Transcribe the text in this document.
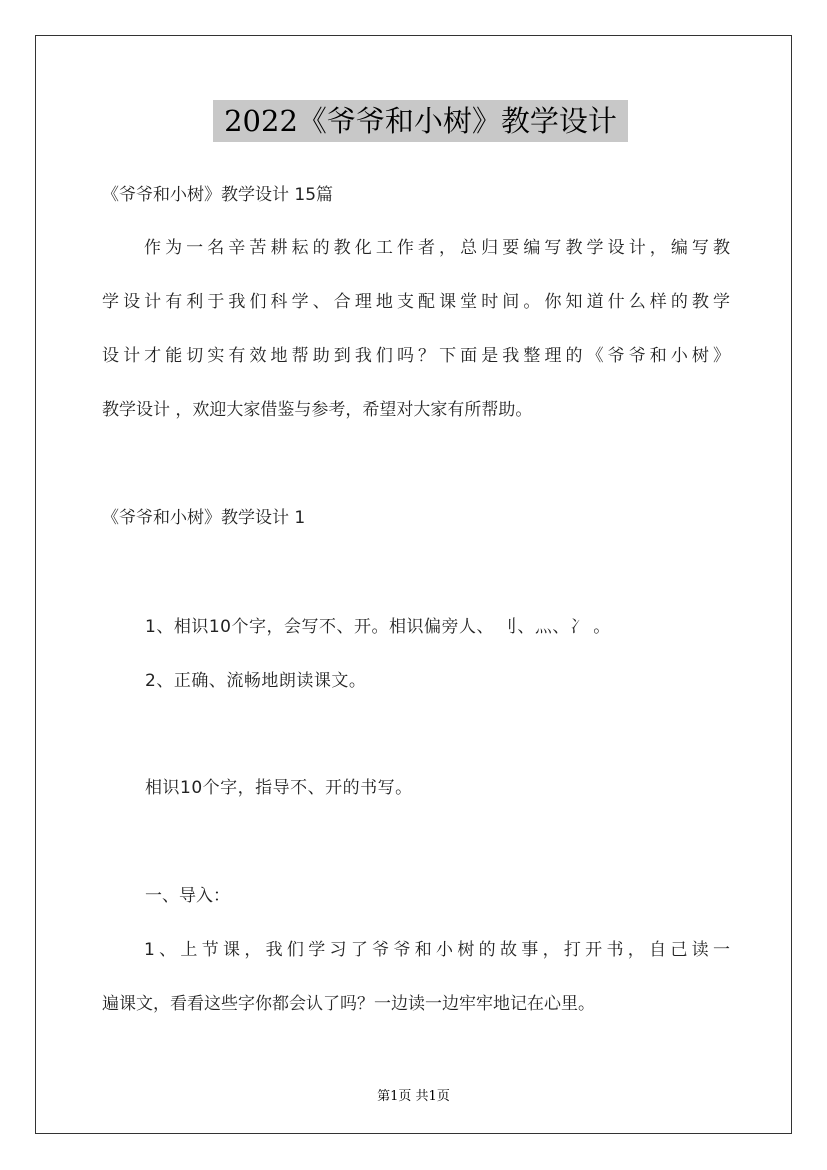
2022《爷爷和小树》教学设计
《爷爷和小树》教学设计 15篇
作为一名辛苦耕耘的教化工作者，总归要编写教学设计，编写教
学设计有利于我们科学、合理地支配课堂时间。你知道什么样的教学
设计才能切实有效地帮助到我们吗？下面是我整理的《爷爷和小树》
教学设计 ，欢迎大家借鉴与参考，希望对大家有所帮助。
《爷爷和小树》教学设计 1
1、相识10个字，会写不、开。相识偏旁人、 刂、灬、冫 。
2、正确、流畅地朗读课文。
相识10个字，指导不、开的书写。
一、导入：
1、上节课，我们学习了爷爷和小树的故事，打开书，自己读一
遍课文，看看这些字你都会认了吗？一边读一边牢牢地记在心里。
第1页 共1页
